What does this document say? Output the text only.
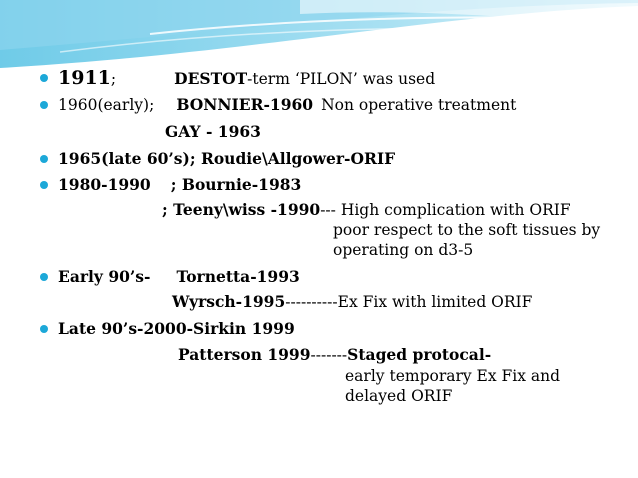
1911;	DESTOT-term ‘PILON’ was used
1960(early); BONNIER-1960 Non operative treatment
GAY - 1963
1965(late 60’s); Roudie\Allgower-ORIF
1980-1990 ; Bournie-1983
; Teeny\wiss -1990--- High complication with ORIF
poor respect to the soft tissues by
operating on d3-5
Early 90’s- Tornetta-1993
Wyrsch-1995----------Ex Fix with limited ORIF
Late 90’s-2000-Sirkin 1999
Patterson 1999-------Staged protocal-
early temporary Ex Fix and
delayed ORIF
